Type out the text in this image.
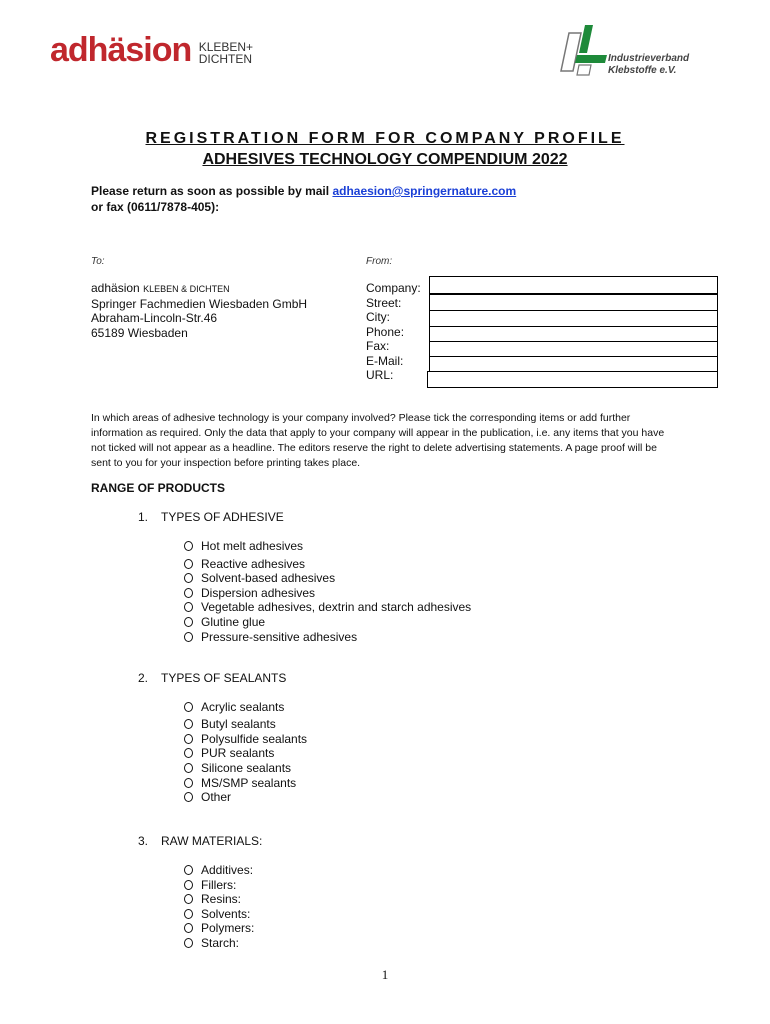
adhäsion KLEBEN+
DICHTEN	Industrieverband
Klebstoffe e.V.
REGISTRATION FORM FOR COMPANY PROFILE
ADHESIVES TECHNOLOGY COMPENDIUM 2022
Please return as soon as possible by mail adhaesion@springernature.com
or fax (0611/7878-405):
To:	From:
adhäsion KLEBEN & DICHTEN
Springer Fachmedien Wiesbaden GmbH
Abraham-Lincoln-Str.46
65189 Wiesbaden
Company:
Street:
City:
Phone:
Fax:
E-Mail:
URL:
In which areas of adhesive technology is your company involved? Please tick the corresponding items or add further information as required. Only the data that apply to your company will appear in the publication, i.e. any items that you have not ticked will not appear as a headline. The editors reserve the right to delete advertising statements. A page proof will be sent to you for your inspection before printing takes place.
RANGE OF PRODUCTS
1. TYPES OF ADHESIVE
Hot melt adhesives
Reactive adhesives
Solvent-based adhesives
Dispersion adhesives
Vegetable adhesives, dextrin and starch adhesives
Glutine glue
Pressure-sensitive adhesives
2. TYPES OF SEALANTS
Acrylic sealants
Butyl sealants
Polysulfide sealants
PUR sealants
Silicone sealants
MS/SMP sealants
Other
3. RAW MATERIALS:
Additives:
Fillers:
Resins:
Solvents:
Polymers:
Starch:
1
